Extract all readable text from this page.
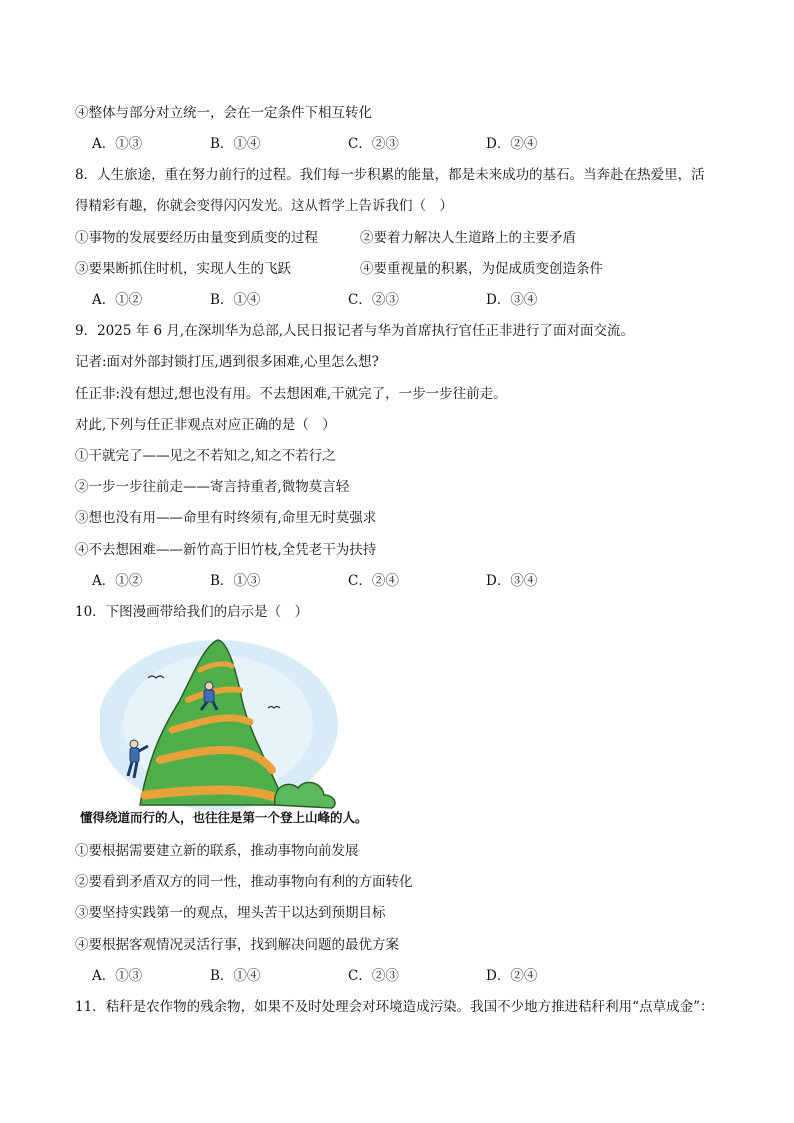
④整体与部分对立统一，会在一定条件下相互转化
A．①③	B．①④	C．②③	D．②④
8．人生旅途，重在努力前行的过程。我们每一步积累的能量，都是未来成功的基石。当奔赴在热爱里，活
得精彩有趣，你就会变得闪闪发光。这从哲学上告诉我们（　）
①事物的发展要经历由量变到质变的过程	②要着力解决人生道路上的主要矛盾
③要果断抓住时机，实现人生的飞跃	④要重视量的积累，为促成质变创造条件
A．①②	B．①④	C．②③	D．③④
9．2025 年 6 月,在深圳华为总部,人民日报记者与华为首席执行官任正非进行了面对面交流。
记者:面对外部封锁打压,遇到很多困难,心里怎么想?
任正非:没有想过,想也没有用。不去想困难,干就完了，一步一步往前走。
对此,下列与任正非观点对应正确的是（　）
①干就完了——见之不若知之,知之不若行之
②一步一步往前走——寄言持重者,微物莫言轻
③想也没有用——命里有时终须有,命里无时莫强求
④不去想困难——新竹高于旧竹枝,全凭老干为扶持
A．①②	B．①③	C．②④	D．③④
10．下图漫画带给我们的启示是（　）
懂得绕道而行的人，也往往是第一个登上山峰的人。
①要根据需要建立新的联系，推动事物向前发展
②要看到矛盾双方的同一性，推动事物向有利的方面转化
③要坚持实践第一的观点，埋头苦干以达到预期目标
④要根据客观情况灵活行事，找到解决问题的最优方案
A．①③	B．①④	C．②③	D．②④
11．秸秆是农作物的残余物，如果不及时处理会对环境造成污染。我国不少地方推进秸秆利用“点草成金”：
